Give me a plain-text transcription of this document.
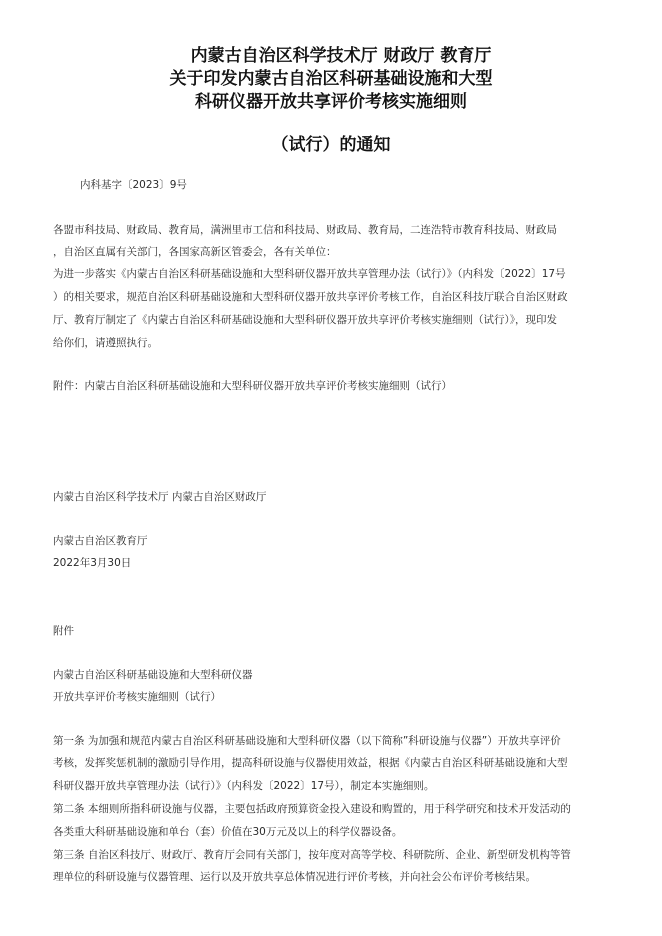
内蒙古自治区科学技术厅 财政厅 教育厅
关于印发内蒙古自治区科研基础设施和大型
科研仪器开放共享评价考核实施细则
（试行）的通知
内科基字〔2023〕9号
各盟市科技局、财政局、教育局，满洲里市工信和科技局、财政局、教育局，二连浩特市教育科技局、财政局
，自治区直属有关部门，各国家高新区管委会，各有关单位：
为进一步落实《内蒙古自治区科研基础设施和大型科研仪器开放共享管理办法（试行）》（内科发〔2022〕17号
）的相关要求，规范自治区科研基础设施和大型科研仪器开放共享评价考核工作，自治区科技厅联合自治区财政
厅、教育厅制定了《内蒙古自治区科研基础设施和大型科研仪器开放共享评价考核实施细则（试行）》，现印发
给你们，请遵照执行。
附件：内蒙古自治区科研基础设施和大型科研仪器开放共享评价考核实施细则（试行）
内蒙古自治区科学技术厅 内蒙古自治区财政厅
内蒙古自治区教育厅
2022年3月30日
附件
内蒙古自治区科研基础设施和大型科研仪器
开放共享评价考核实施细则（试行）
第一条 为加强和规范内蒙古自治区科研基础设施和大型科研仪器（以下简称”科研设施与仪器”）开放共享评价
考核，发挥奖惩机制的激励引导作用，提高科研设施与仪器使用效益，根据《内蒙古自治区科研基础设施和大型
科研仪器开放共享管理办法（试行）》（内科发〔2022〕17号），制定本实施细则。
第二条 本细则所指科研设施与仪器，主要包括政府预算资金投入建设和购置的，用于科学研究和技术开发活动的
各类重大科研基础设施和单台（套）价值在30万元及以上的科学仪器设备。
第三条 自治区科技厅、财政厅、教育厅会同有关部门，按年度对高等学校、科研院所、企业、新型研发机构等管
理单位的科研设施与仪器管理、运行以及开放共享总体情况进行评价考核，并向社会公布评价考核结果。
